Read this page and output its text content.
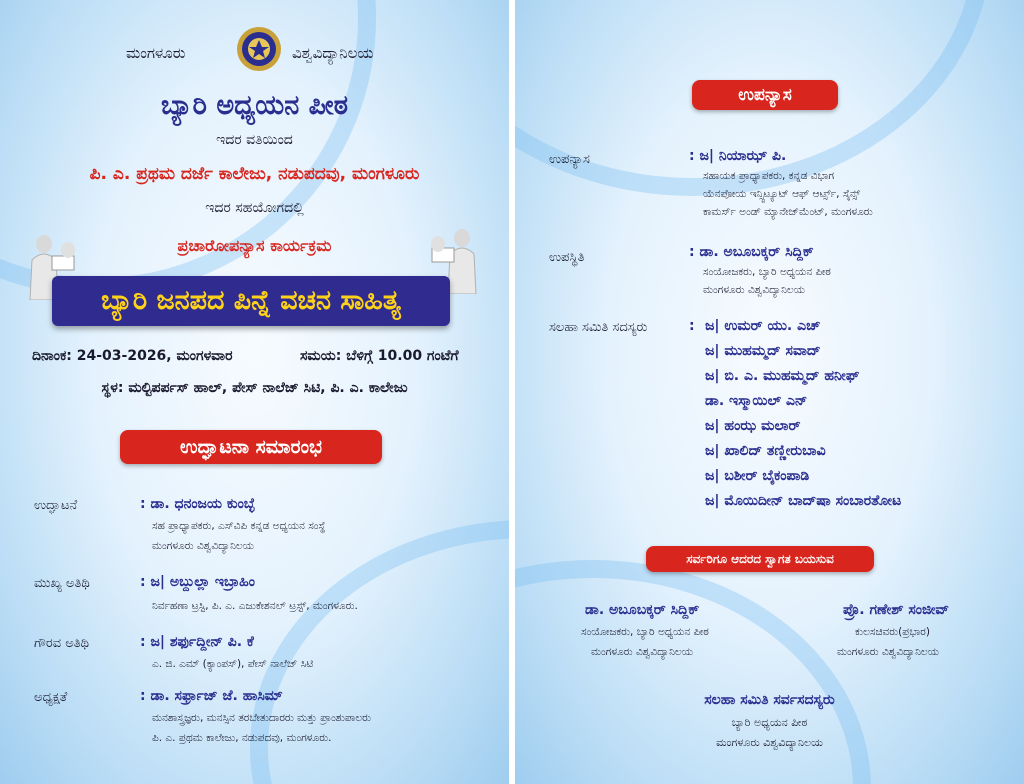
ಮಂಗಳೂರು	ವಿಶ್ವವಿದ್ಯಾನಿಲಯ
ಬ್ಯಾರಿ ಅಧ್ಯಯನ ಪೀಠ
ಇದರ ವತಿಯಿಂದ
ಪಿ. ಎ. ಪ್ರಥಮ ದರ್ಜೆ ಕಾಲೇಜು, ನಡುಪದವು, ಮಂಗಳೂರು
ಇದರ ಸಹಯೋಗದಲ್ಲಿ
ಪ್ರಚಾರೋಪನ್ಯಾಸ ಕಾರ್ಯಕ್ರಮ
ಬ್ಯಾರಿ ಜನಪದ ಪಿನ್ನೆ ವಚನ ಸಾಹಿತ್ಯ
ದಿನಾಂಕ: 24-03-2026, ಮಂಗಳವಾರ	ಸಮಯ: ಬೆಳಿಗ್ಗೆ 10.00 ಗಂಟೆಗೆ
ಸ್ಥಳ: ಮಲ್ಟಿಪರ್ಪಸ್ ಹಾಲ್, ಪೇಸ್ ನಾಲೆಜ್ ಸಿಟಿ, ಪಿ. ಎ. ಕಾಲೇಜು
ಉದ್ಘಾಟನಾ ಸಮಾರಂಭ
ಉದ್ಘಾಟನೆ	: ಡಾ. ಧನಂಜಯ ಕುಂಬ್ಳೆ
ಸಹ ಪ್ರಾಧ್ಯಾಪಕರು, ಎಸ್‌ವಿಪಿ ಕನ್ನಡ ಅಧ್ಯಯನ ಸಂಸ್ಥೆ
ಮಂಗಳೂರು ವಿಶ್ವವಿದ್ಯಾನಿಲಯ
ಮುಖ್ಯ ಅತಿಥಿ	: ಜ| ಅಬ್ದುಲ್ಲಾ ಇಬ್ರಾಹಿಂ
ನಿರ್ವಹಣಾ ಟ್ರಸ್ಟಿ, ಪಿ. ಎ. ಎಜುಕೇಶನಲ್ ಟ್ರಸ್ಟ್, ಮಂಗಳೂರು.
ಗೌರವ ಅತಿಥಿ	: ಜ| ಶರ್ಫುದ್ದೀನ್ ಪಿ. ಕೆ
ಎ. ಜಿ. ಎಮ್ (ಕ್ಯಾಂಪಸ್), ಪೇಸ್ ನಾಲೆಜ್ ಸಿಟಿ
ಅಧ್ಯಕ್ಷತೆ	: ಡಾ. ಸರ್ಫ್ರಾಜ್ ಜೆ. ಹಾಸಿಮ್
ಮನಶಾಸ್ತ್ರಜ್ಞರು, ಮನಸ್ಸಿನ ತರಬೇತುದಾರರು ಮತ್ತು ಪ್ರಾಂಶುಪಾಲರು
ಪಿ. ಎ. ಪ್ರಥಮ ಕಾಲೇಜು, ನಡುಪದವು, ಮಂಗಳೂರು.
ಉಪನ್ಯಾಸ
ಉಪನ್ಯಾಸ	: ಜ| ನಿಯಾಝ್ ಪಿ.
ಸಹಾಯಕ ಪ್ರಾಧ್ಯಾಪಕರು, ಕನ್ನಡ ವಿಭಾಗ
ಯೆನಪೋಯ ಇನ್ಸ್ಟಿಟ್ಯೂಟ್ ಆಫ್ ಆರ್ಟ್ಸ್, ಸೈನ್ಸ್
ಕಾಮರ್ಸ್ ಅಂಡ್ ಮ್ಯಾನೇಜ್‌ಮೆಂಟ್, ಮಂಗಳೂರು
ಉಪಸ್ಥಿತಿ	: ಡಾ. ಅಬೂಬಕ್ಕರ್ ಸಿದ್ದಿಕ್
ಸಂಯೋಜಕರು, ಬ್ಯಾರಿ ಅಧ್ಯಯನ ಪೀಠ
ಮಂಗಳೂರು ವಿಶ್ವವಿದ್ಯಾನಿಲಯ
ಸಲಹಾ ಸಮಿತಿ ಸದಸ್ಯರು	: ಜ| ಉಮರ್ ಯು. ಎಚ್
ಜ| ಮುಹಮ್ಮದ್ ಸವಾದ್
ಜ| ಬಿ. ಎ. ಮುಹಮ್ಮದ್ ಹನೀಫ್
ಡಾ. ಇಸ್ಮಾಯಿಲ್ ಎನ್
ಜ| ಹಂಝ ಮಲಾರ್
ಜ| ಖಾಲಿದ್ ತಣ್ಣೀರುಬಾವಿ
ಜ| ಬಶೀರ್ ಬೈಕಂಪಾಡಿ
ಜ| ಮೊಯಿದೀನ್ ಬಾದ್‌ಷಾ ಸಂಬಾರತೋಟ
ಸರ್ವರಿಗೂ ಆದರದ ಸ್ವಾಗತ ಬಯಸುವ
ಡಾ. ಅಬೂಬಕ್ಕರ್ ಸಿದ್ದಿಕ್
ಸಂಯೋಜಕರು, ಬ್ಯಾರಿ ಅಧ್ಯಯನ ಪೀಠ
ಮಂಗಳೂರು ವಿಶ್ವವಿದ್ಯಾನಿಲಯ
ಪ್ರೊ. ಗಣೇಶ್ ಸಂಜೀವ್
ಕುಲಸಚಿವರು(ಪ್ರಭಾರ)
ಮಂಗಳೂರು ವಿಶ್ವವಿದ್ಯಾನಿಲಯ
ಸಲಹಾ ಸಮಿತಿ ಸರ್ವಸದಸ್ಯರು
ಬ್ಯಾರಿ ಅಧ್ಯಯನ ಪೀಠ
ಮಂಗಳೂರು ವಿಶ್ವವಿದ್ಯಾನಿಲಯ
